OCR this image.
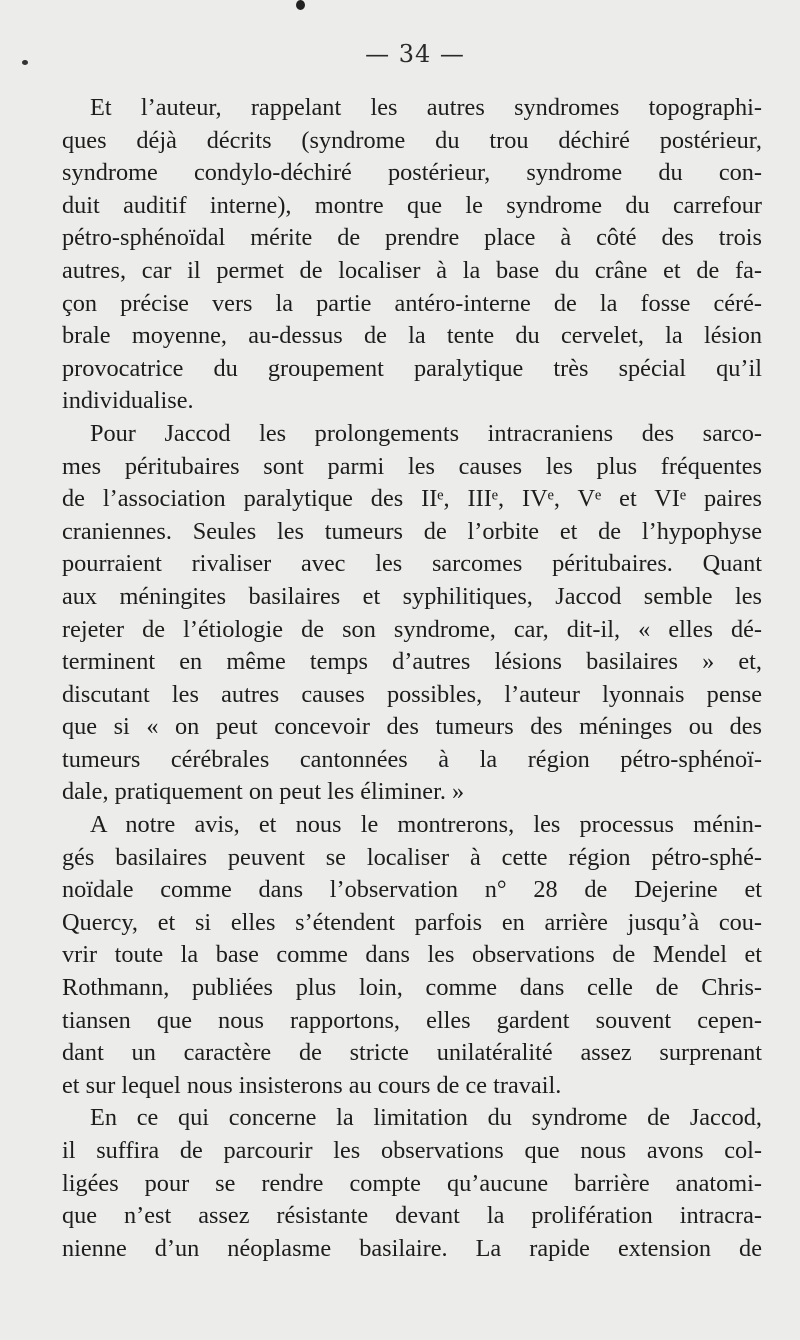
— 34 —
Et l’auteur, rappelant les autres syndromes topographi-
ques déjà décrits (syndrome du trou déchiré postérieur,
syndrome condylo-déchiré postérieur, syndrome du con-
duit auditif interne), montre que le syndrome du carrefour
pétro-sphénoïdal mérite de prendre place à côté des trois
autres, car il permet de localiser à la base du crâne et de fa-
çon précise vers la partie antéro-interne de la fosse céré-
brale moyenne, au-dessus de la tente du cervelet, la lésion
provocatrice du groupement paralytique très spécial qu’il
individualise.
Pour Jaccod les prolongements intracraniens des sarco-
mes péritubaires sont parmi les causes les plus fréquentes
de l’association paralytique des IIᵉ, IIIᵉ, IVᵉ, Vᵉ et VIᵉ paires
craniennes. Seules les tumeurs de l’orbite et de l’hypophyse
pourraient rivaliser avec les sarcomes péritubaires. Quant
aux méningites basilaires et syphilitiques, Jaccod semble les
rejeter de l’étiologie de son syndrome, car, dit-il, « elles dé-
terminent en même temps d’autres lésions basilaires » et,
discutant les autres causes possibles, l’auteur lyonnais pense
que si « on peut concevoir des tumeurs des méninges ou des
tumeurs cérébrales cantonnées à la région pétro-sphénoï-
dale, pratiquement on peut les éliminer. »
A notre avis, et nous le montrerons, les processus ménin-
gés basilaires peuvent se localiser à cette région pétro-sphé-
noïdale comme dans l’observation n° 28 de Dejerine et
Quercy, et si elles s’étendent parfois en arrière jusqu’à cou-
vrir toute la base comme dans les observations de Mendel et
Rothmann, publiées plus loin, comme dans celle de Chris-
tiansen que nous rapportons, elles gardent souvent cepen-
dant un caractère de stricte unilatéralité assez surprenant
et sur lequel nous insisterons au cours de ce travail.
En ce qui concerne la limitation du syndrome de Jaccod,
il suffira de parcourir les observations que nous avons col-
ligées pour se rendre compte qu’aucune barrière anatomi-
que n’est assez résistante devant la prolifération intracra-
nienne d’un néoplasme basilaire. La rapide extension de
